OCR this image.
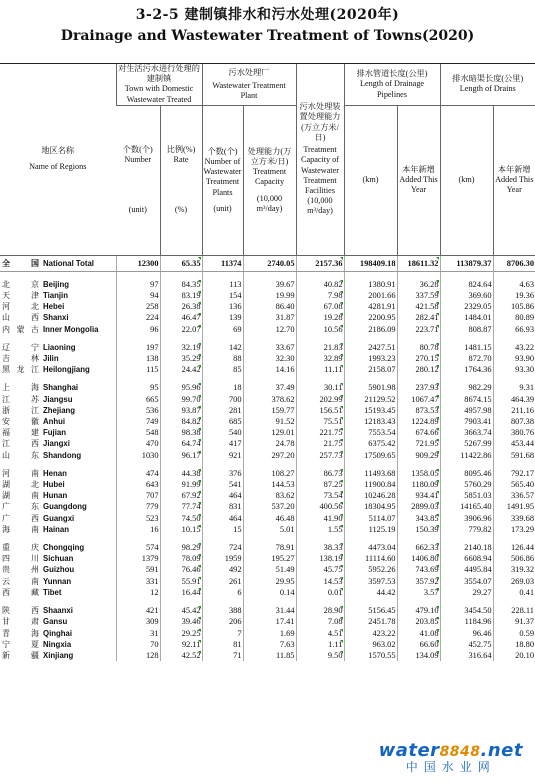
3-2-5 建制镇排水和污水处理(2020年)
Drainage and Wastewater Treatment of Towns(2020)
地区名称
Name of Regions	对生活污水进行处理的建制镇
Town with Domestic Wastewater Treated		污水处理厂
Wastewater Treatment Plant		污水处理装置处理能力(万立方米/日)
Treatment Capacity of Wastewater Treatment Facilities
(10,000 m³/day)	排水管道长度(公里)
Length of Drainage Pipelines		排水暗渠长度(公里)
Length of Drains	

	个数(个)
Number
(unit)	比例(%)
Rate
(%)	个数(个)
Number of Wastewater Treatment Plants
(unit)	处理能力(万立方米/日)
Treatment Capacity
(10,000 m³/day)		(km)	本年新增
Added This Year	(km)	本年新增
Added This Year

全国 National Total	12300	65.35	11374	2740.05	2157.36	198409.18	18611.32	113879.37	8706.30

北京 Beijing	97	84.35	113	39.67	40.82	1380.91	36.28	824.64	4.63
天津 Tianjin	94	83.19	154	19.99	7.98	2001.66	337.59	369.60	19.36
河北 Hebei	258	26.38	136	86.40	67.08	4281.91	421.58	2329.05	105.86
山西 Shanxi	224	46.47	139	31.87	19.28	2200.95	282.41	1484.01	80.89
内蒙古 Inner Mongolia	96	22.07	69	12.70	10.56	2186.09	223.71	808.87	66.93

辽宁 Liaoning	197	32.19	142	33.67	21.83	2427.51	80.78	1481.15	43.22
吉林 Jilin	138	35.29	88	32.30	32.89	1993.23	270.15	872.70	93.90
黑龙江 Heilongjiang	115	24.42	85	14.16	11.11	2158.07	280.12	1764.36	93.30

上海 Shanghai	95	95.96	18	37.49	30.11	5901.98	237.93	982.29	9.31
江苏 Jiangsu	665	99.70	700	378.62	202.99	21129.52	1067.47	8674.15	464.39
浙江 Zhejiang	536	93.87	281	159.77	156.51	15193.45	873.53	4957.98	211.16
安徽 Anhui	749	84.82	685	91.52	75.51	12183.43	1224.89	7903.41	807.38
福建 Fujian	548	98.38	540	129.01	221.75	7553.54	674.66	3663.74	380.76
江西 Jiangxi	470	64.74	417	24.78	21.75	6375.42	721.95	5267.99	453.44
山东 Shandong	1030	96.17	921	297.20	257.73	17509.65	909.29	11422.86	591.68

河南 Henan	474	44.38	376	108.27	86.73	11493.68	1358.05	8095.46	792.17
湖北 Hubei	643	91.99	541	144.53	87.25	11900.84	1180.09	5760.29	565.40
湖南 Hunan	707	67.92	464	83.62	73.54	10246.28	934.41	5851.03	336.57
广东 Guangdong	779	77.74	831	537.20	400.56	18304.95	2899.03	14165.40	1491.95
广西 Guangxi	523	74.50	464	46.48	41.90	5114.07	343.85	3906.96	339.68
海南 Hainan	16	10.15	15	5.01	1.55	1125.19	150.39	779.82	173.29

重庆 Chongqing	574	98.29	724	78.91	38.33	4473.04	662.33	2140.18	126.44
四川 Sichuan	1379	78.09	1959	195.27	138.19	11114.60	1406.80	6608.94	506.86
贵州 Guizhou	591	76.46	492	51.49	45.75	5952.26	743.69	4495.84	319.32
云南 Yunnan	331	55.91	261	29.95	14.53	3597.53	357.92	3554.07	269.03
西藏 Tibet	12	16.44	6	0.14	0.01	44.42	3.57	29.27	0.41

陕西 Shaanxi	421	45.42	388	31.44	28.90	5156.45	479.10	3454.50	228.11
甘肃 Gansu	309	39.46	206	17.41	7.08	2451.78	203.85	1184.96	91.37
青海 Qinghai	31	29.25	7	1.69	4.51	423.22	41.08	96.46	0.59
宁夏 Ningxia	70	92.11	81	7.63	1.11	963.02	66.60	452.75	18.80
新疆 Xinjiang	128	42.52	71	11.85	9.50	1570.55	134.09	316.64	20.10
water8848.net
中国水业网
